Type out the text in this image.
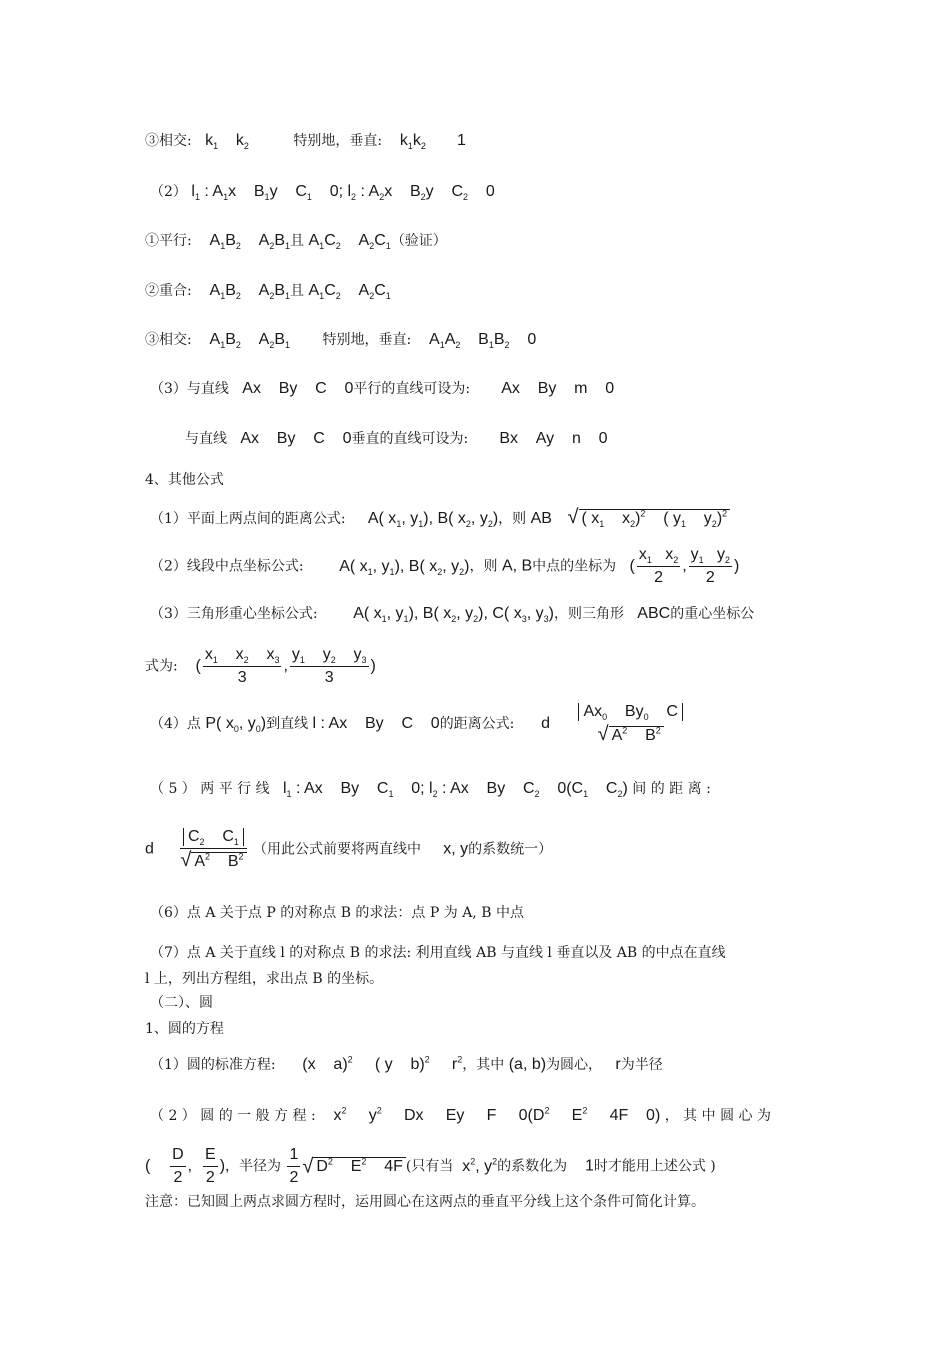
③相交:   $k_1$    $k_2$	特别地，垂直:    $k_1k_2$       1
（2） $l_1$ : $A_1x$    $B_1y$    $C_1$    0; $l_2$ : $A_2x$    $B_2y$    $C_2$    0
①平行:    $A_1B_2$    $A_2B_1$且 $A_1C_2$    $A_2C_1$（验证）
②重合:    $A_1B_2$    $A_2B_1$且 $A_1C_2$    $A_2C_1$
③相交:    $A_1B_2$    $A_2B_1$ 特别地，垂直:    $A_1A_2$    $B_1B_2$    0
（3）与直线   Ax    By    C    0平行的直线可设为:       Ax    By    m    0
与直线   Ax    By    C    0垂直的直线可设为:       Bx    Ay    n    0
4、其他公式
（1）平面上两点间的距离公式:     A( $x_1$, $y_1$), B( $x_2$, $y_2$)，则 AB   √ ( $x_1$    $x_2)^2$    ( $y_1$    $y_2)^2$
（2）线段中点坐标公式:        A( $x_1$, $y_1$), B( $x_2$, $y_2$)，则 A, B中点的坐标为   ( $\frac{x_1 x_2}{2}$ , $\frac{y_1 y_2}{2}$ )
（3）三角形重心坐标公式:        A( $x_1$, $y_1$), B( $x_2$, $y_2$), C( $x_3$, $y_3$)，则三角形   ABC的重心坐标公
式为:    ( $\frac{x_1 x_2 x_3}{3}$ , $\frac{y_1 y_2 y_3}{3}$ )
（4）点 P( $x_0$, $y_0$)到直线 l : Ax    By    C    0的距离公式:      d
$Ax_0$    $By_0$    C
√ $A^2$    $B^2$
（ 5 ） 两 平 行 线   $l_1$ : Ax    By    $C_1$    0; $l_2$ : Ax    By    $C_2$    $0(C_1$    $C_2$) 间 的 距 离 :
d $\frac{C_2 C_1}{√ A^2 B^2}$ （用此公式前要将两直线中     x, y的系数统一）
（6）点 A 关于点 P 的对称点 B 的求法：点 P 为 A, B 中点
（7）点 A 关于直线 l 的对称点 B 的求法: 利用直线 AB 与直线 l 垂直以及 AB 的中点在直线
l 上，列出方程组，求出点 B 的坐标。
（二）、圆
1、圆的方程
（1）圆的标准方程:      (x    a)$^2$     ( y    b)$^2$     $r^2$，其中 (a, b)为圆心，   r为半径
（ 2 ） 圆 的 一 般 方 程 :    $x^2$     $y^2$     Dx     Ey     F     $0(D^2$     $E^2$     4F    0) ， 其 中 圆 心 为
( $\frac{D}{2}$ , $\frac{E}{2}$ )，半径为 $\frac{1}{2}$ √ $D^2$    $E^2$    4F (只有当  $x^2$, $y^2$的系数化为    1时才能用上述公式 )
注意：已知圆上两点求圆方程时，运用圆心在这两点的垂直平分线上这个条件可简化计算。
